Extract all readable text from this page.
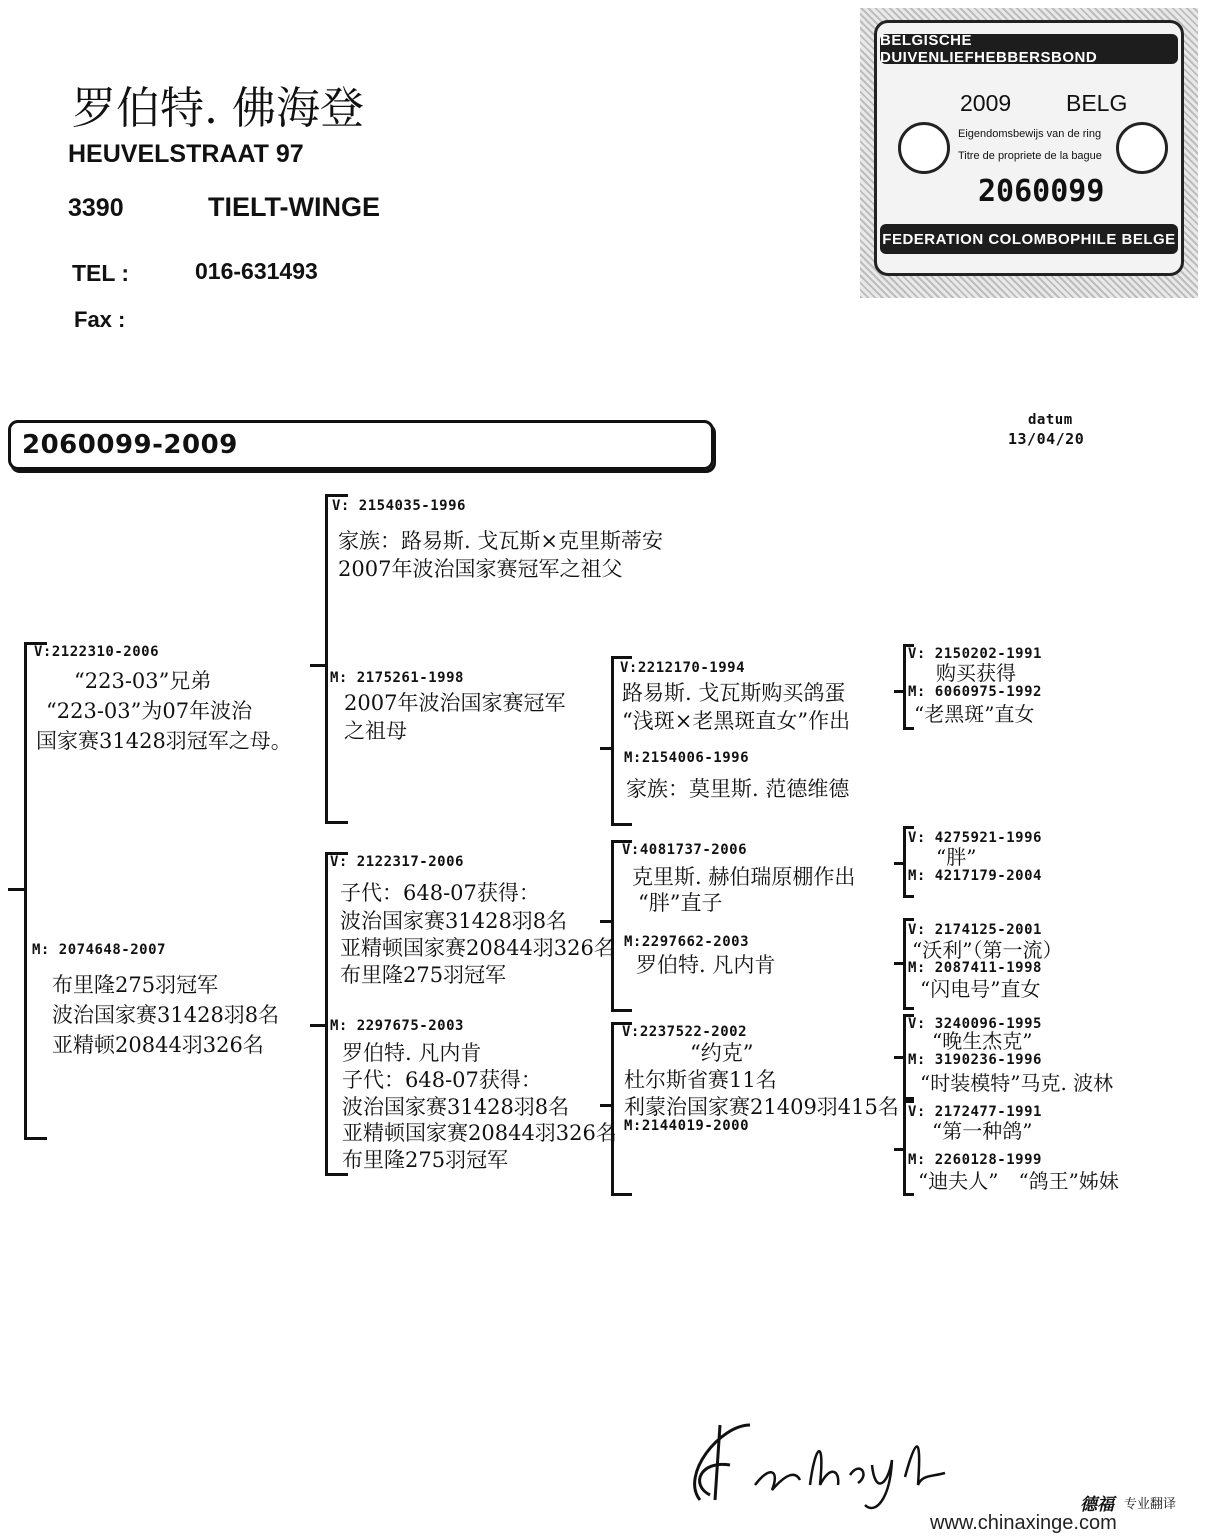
罗伯特. 佛海登
HEUVELSTRAAT 97
3390	TIELT-WINGE
TEL :	016-631493
Fax :
BELGISCHE DUIVENLIEFHEBBERSBOND
2009 BELG
Eigendomsbewijs van de ring
Titre de propriete de la bague
2060099
FEDERATION COLOMBOPHILE BELGE
2060099-2009
datum
13/04/20
V:2122310-2006
“223-03”兄弟
“223-03”为07年波治
国家赛31428羽冠军之母。
M: 2074648-2007
布里隆275羽冠军
波治国家赛31428羽8名
亚精顿20844羽326名
V: 2154035-1996
家族：路易斯. 戈瓦斯×克里斯蒂安
2007年波治国家赛冠军之祖父
M: 2175261-1998
2007年波治国家赛冠军
之祖母
V: 2122317-2006
子代：648-07获得：
波治国家赛31428羽8名
亚精顿国家赛20844羽326名
布里隆275羽冠军
M: 2297675-2003
罗伯特. 凡内肯
子代：648-07获得：
波治国家赛31428羽8名
亚精顿国家赛20844羽326名
布里隆275羽冠军
V:2212170-1994
路易斯. 戈瓦斯购买鸽蛋
“浅斑×老黑斑直女”作出
M:2154006-1996
家族：莫里斯. 范德维德
V:4081737-2006
克里斯. 赫伯瑞原棚作出
“胖”直子
M:2297662-2003
罗伯特. 凡内肯
V:2237522-2002
“约克”
杜尔斯省赛11名
利蒙治国家赛21409羽415名
M:2144019-2000
V: 2150202-1991
购买获得
M: 6060975-1992
“老黑斑”直女
V: 4275921-1996
“胖”
M: 4217179-2004
V: 2174125-2001
“沃利”（第一流）
M: 2087411-1998
“闪电号”直女
V: 3240096-1995
“晚生杰克”
M: 3190236-1996
“时装模特”马克. 波林
V: 2172477-1991
“第一种鸽”
M: 2260128-1999
“迪夫人”　“鸽王”姊妹
德福 专业翻译
www.chinaxinge.com
